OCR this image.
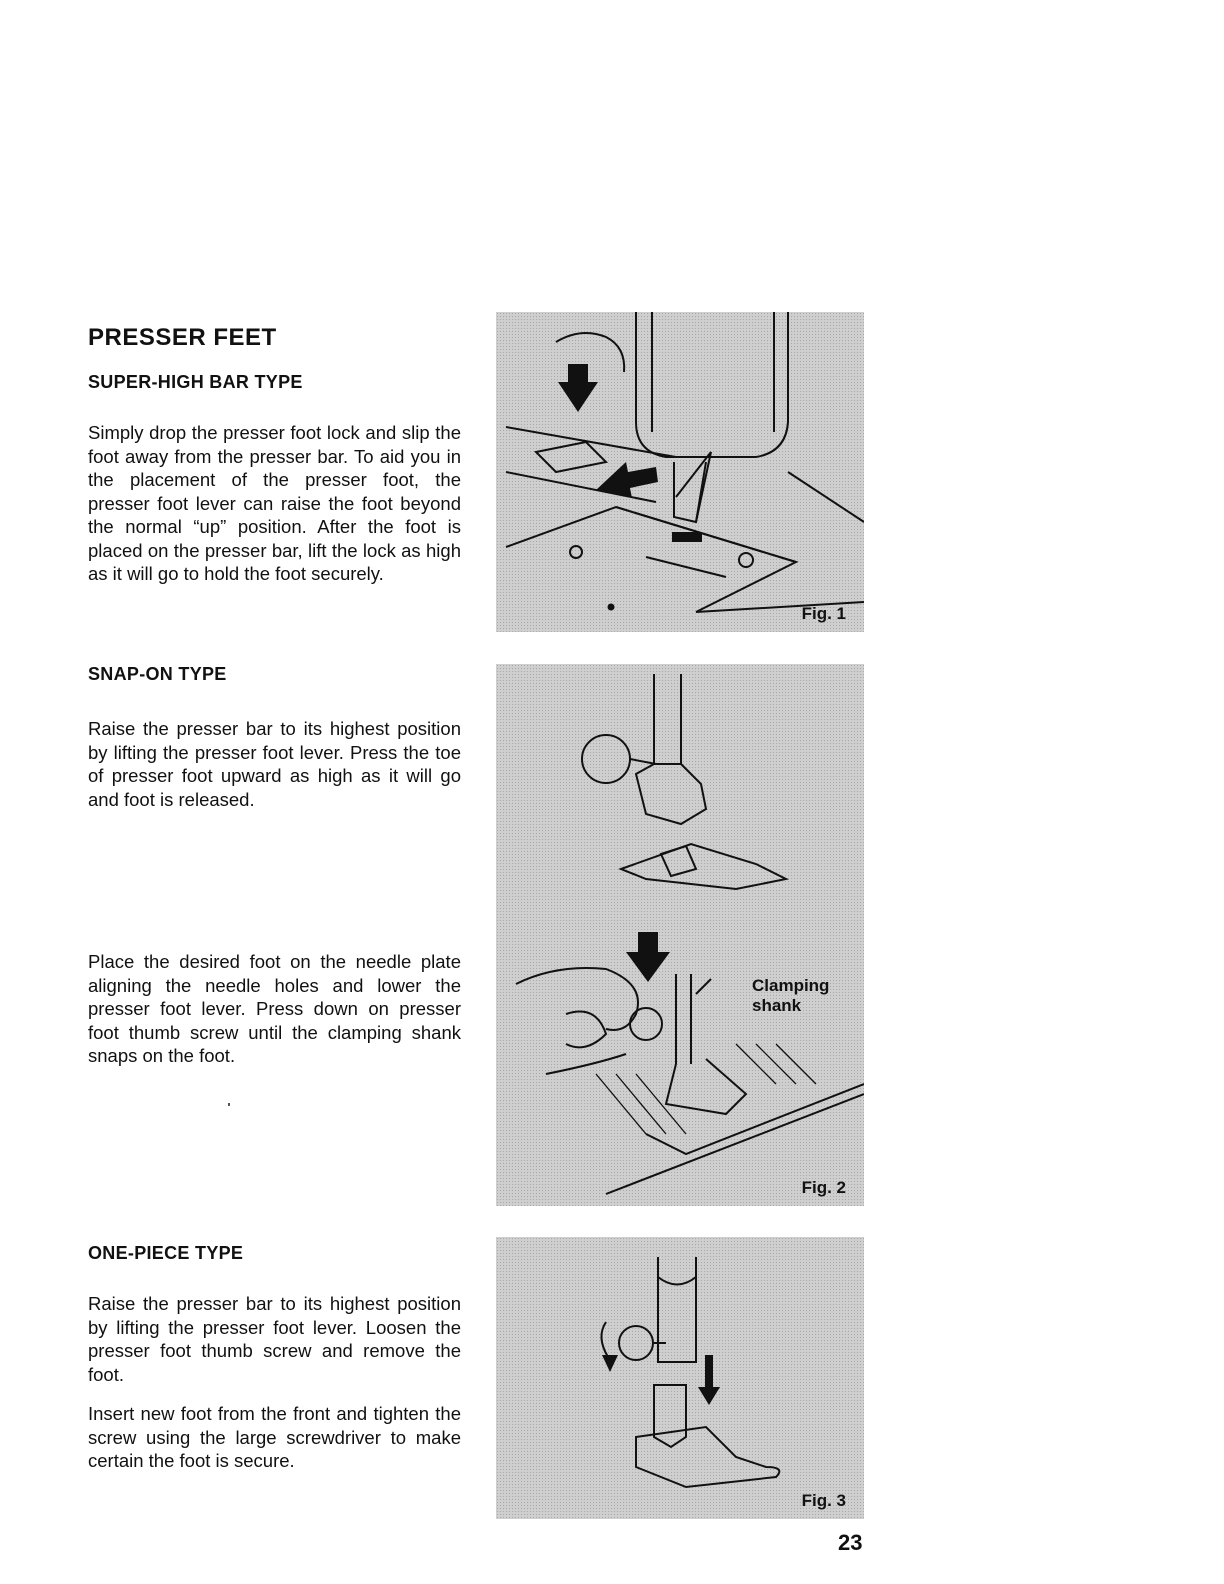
PRESSER FEET
SUPER-HIGH BAR TYPE

Simply drop the presser foot lock and slip the foot away from the presser bar. To aid you in the placement of the presser foot, the presser foot lever can raise the foot beyond the normal “up” position. After the foot is placed on the presser bar, lift the lock as high as it will go to hold the foot securely.

SNAP-ON TYPE

Raise the presser bar to its highest position by lifting the presser foot lever. Press the toe of presser foot upward as high as it will go and foot is released.

Place the desired foot on the needle plate aligning the needle holes and lower the presser foot lever. Press down on presser foot thumb screw until the clamping shank snaps on the foot.

ONE-PIECE TYPE

Raise the presser bar to its highest position by lifting the presser foot lever. Loosen the presser foot thumb screw and remove the foot.

Insert new foot from the front and tighten the screw using the large screwdriver to make certain the foot is secure.

Fig. 1
Clamping
shank
Fig. 2
Fig. 3
23
